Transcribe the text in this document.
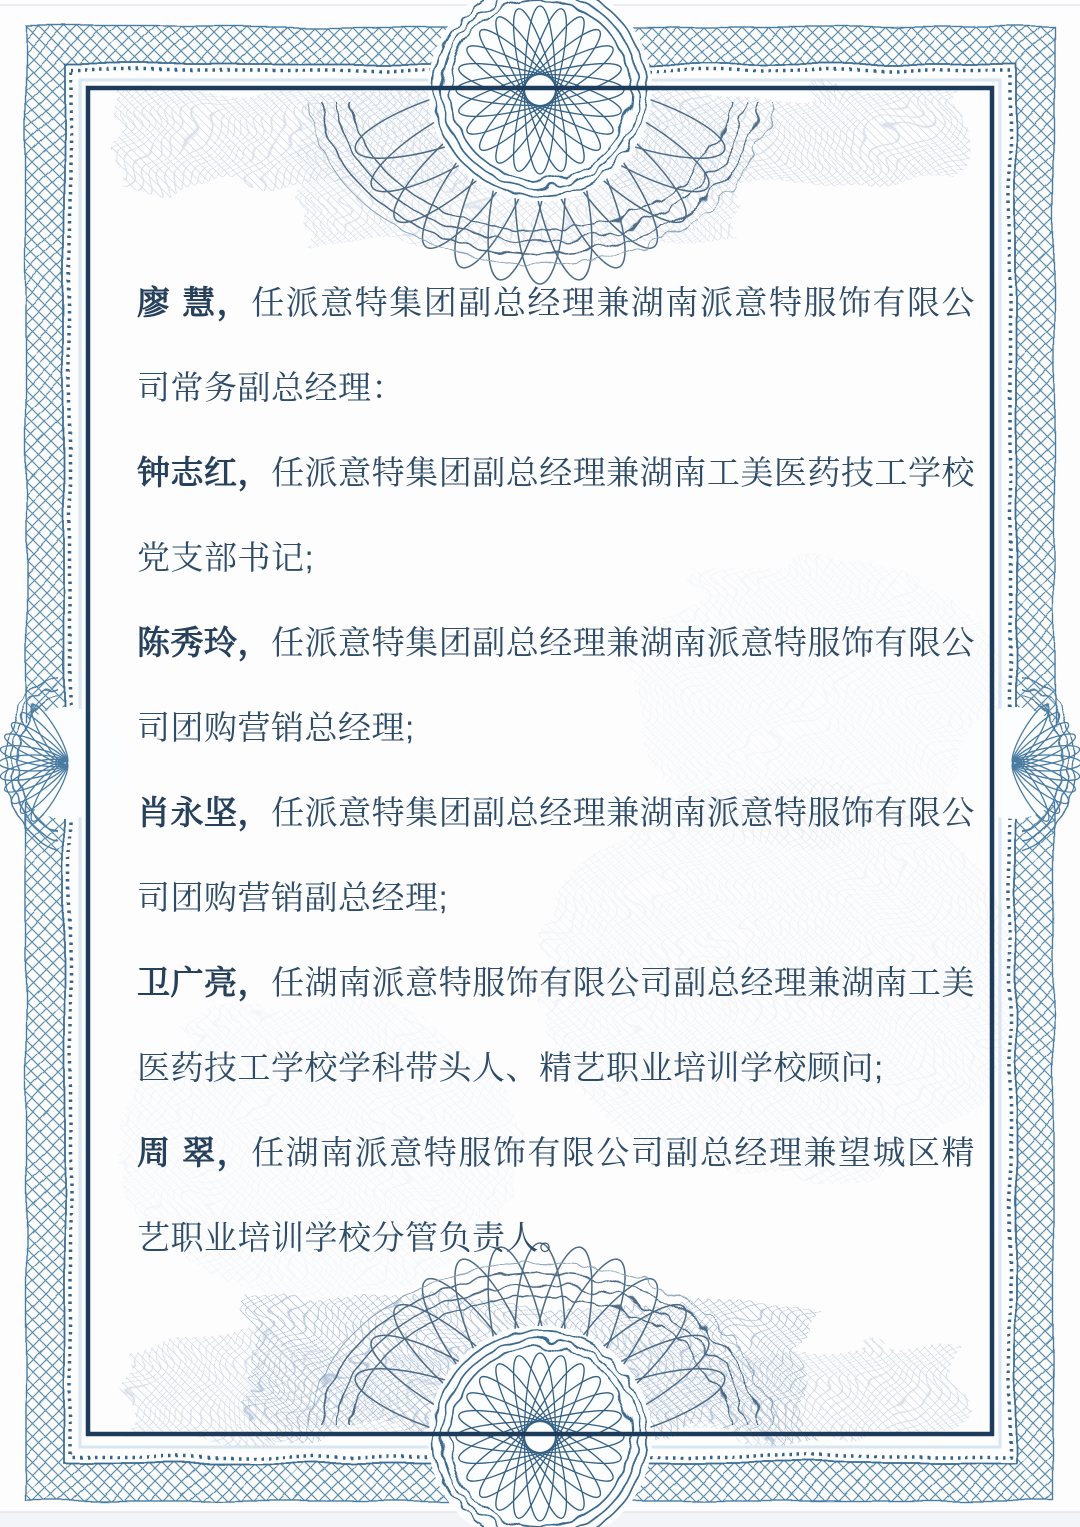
廖 慧，任派意特集团副总经理兼湖南派意特服饰有限公司常务副总经理：

钟志红，任派意特集团副总经理兼湖南工美医药技工学校党支部书记;

陈秀玲，任派意特集团副总经理兼湖南派意特服饰有限公司团购营销总经理;

肖永坚，任派意特集团副总经理兼湖南派意特服饰有限公司团购营销副总经理;

卫广亮，任湖南派意特服饰有限公司副总经理兼湖南工美医药技工学校学科带头人、精艺职业培训学校顾问;

周 翠，任湖南派意特服饰有限公司副总经理兼望城区精艺职业培训学校分管负责人。
